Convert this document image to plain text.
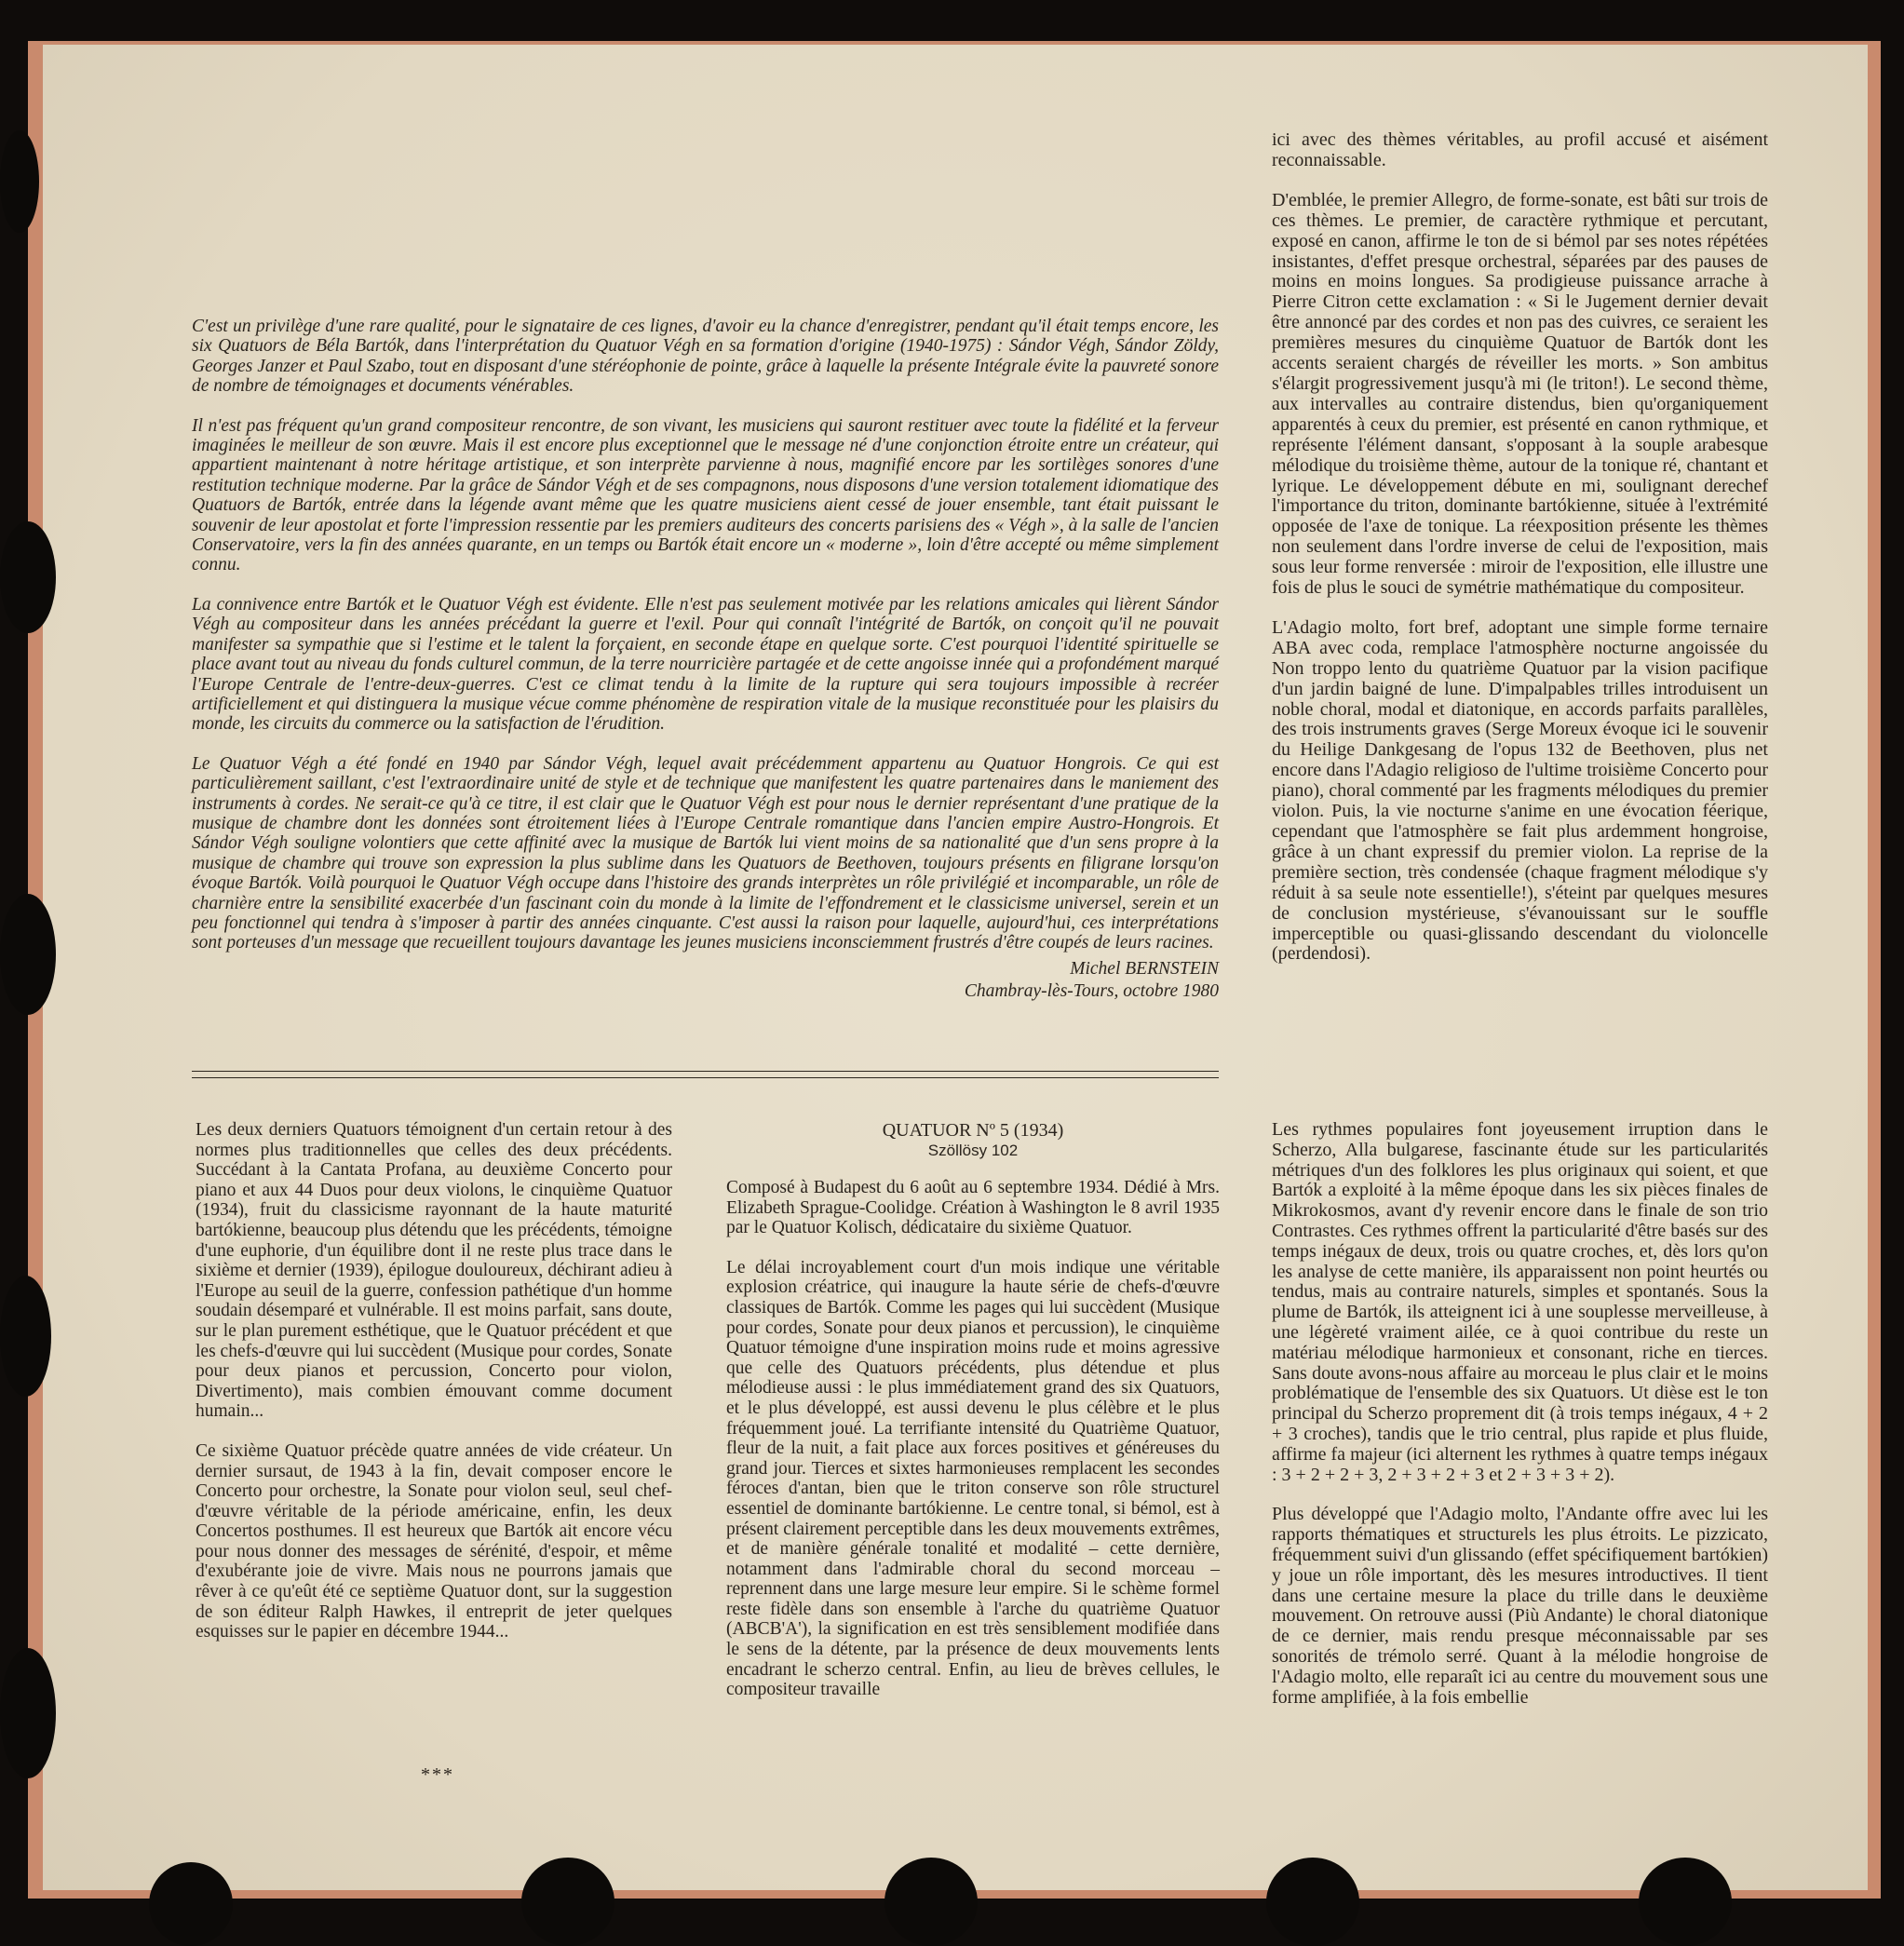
C'est un privilège d'une rare qualité, pour le signataire de ces lignes, d'avoir eu la chance d'enregistrer, pendant qu'il était temps encore, les six Quatuors de Béla Bartók, dans l'interprétation du Quatuor Végh en sa formation d'origine (1940-1975) : Sándor Végh, Sándor Zöldy, Georges Janzer et Paul Szabo, tout en disposant d'une stéréophonie de pointe, grâce à laquelle la présente Intégrale évite la pauvreté sonore de nombre de témoignages et documents vénérables.

Il n'est pas fréquent qu'un grand compositeur rencontre, de son vivant, les musiciens qui sauront restituer avec toute la fidélité et la ferveur imaginées le meilleur de son œuvre. Mais il est encore plus exceptionnel que le message né d'une conjonction étroite entre un créateur, qui appartient maintenant à notre héritage artistique, et son interprète parvienne à nous, magnifié encore par les sortilèges sonores d'une restitution technique moderne. Par la grâce de Sándor Végh et de ses compagnons, nous disposons d'une version totalement idiomatique des Quatuors de Bartók, entrée dans la légende avant même que les quatre musiciens aient cessé de jouer ensemble, tant était puissant le souvenir de leur apostolat et forte l'impression ressentie par les premiers auditeurs des concerts parisiens des « Végh », à la salle de l'ancien Conservatoire, vers la fin des années quarante, en un temps ou Bartók était encore un « moderne », loin d'être accepté ou même simplement connu.

La connivence entre Bartók et le Quatuor Végh est évidente. Elle n'est pas seulement motivée par les relations amicales qui lièrent Sándor Végh au compositeur dans les années précédant la guerre et l'exil. Pour qui connaît l'intégrité de Bartók, on conçoit qu'il ne pouvait manifester sa sympathie que si l'estime et le talent la forçaient, en seconde étape en quelque sorte. C'est pourquoi l'identité spirituelle se place avant tout au niveau du fonds culturel commun, de la terre nourricière partagée et de cette angoisse innée qui a profondément marqué l'Europe Centrale de l'entre-deux-guerres. C'est ce climat tendu à la limite de la rupture qui sera toujours impossible à recréer artificiellement et qui distinguera la musique vécue comme phénomène de respiration vitale de la musique reconstituée pour les plaisirs du monde, les circuits du commerce ou la satisfaction de l'érudition.

Le Quatuor Végh a été fondé en 1940 par Sándor Végh, lequel avait précédemment appartenu au Quatuor Hongrois. Ce qui est particulièrement saillant, c'est l'extraordinaire unité de style et de technique que manifestent les quatre partenaires dans le maniement des instruments à cordes. Ne serait-ce qu'à ce titre, il est clair que le Quatuor Végh est pour nous le dernier représentant d'une pratique de la musique de chambre dont les données sont étroitement liées à l'Europe Centrale romantique dans l'ancien empire Austro-Hongrois. Et Sándor Végh souligne volontiers que cette affinité avec la musique de Bartók lui vient moins de sa nationalité que d'un sens propre à la musique de chambre qui trouve son expression la plus sublime dans les Quatuors de Beethoven, toujours présents en filigrane lorsqu'on évoque Bartók. Voilà pourquoi le Quatuor Végh occupe dans l'histoire des grands interprètes un rôle privilégié et incomparable, un rôle de charnière entre la sensibilité exacerbée d'un fascinant coin du monde à la limite de l'effondrement et le classicisme universel, serein et un peu fonctionnel qui tendra à s'imposer à partir des années cinquante. C'est aussi la raison pour laquelle, aujourd'hui, ces interprétations sont porteuses d'un message que recueillent toujours davantage les jeunes musiciens inconsciemment frustrés d'être coupés de leurs racines.

Michel BERNSTEIN
Chambray-lès-Tours, octobre 1980

ici avec des thèmes véritables, au profil accusé et aisément reconnaissable.

D'emblée, le premier Allegro, de forme-sonate, est bâti sur trois de ces thèmes. Le premier, de caractère rythmique et percutant, exposé en canon, affirme le ton de si bémol par ses notes répétées insistantes, d'effet presque orchestral, séparées par des pauses de moins en moins longues. Sa prodigieuse puissance arrache à Pierre Citron cette exclamation : « Si le Jugement dernier devait être annoncé par des cordes et non pas des cuivres, ce seraient les premières mesures du cinquième Quatuor de Bartók dont les accents seraient chargés de réveiller les morts. » Son ambitus s'élargit progressivement jusqu'à mi (le triton!). Le second thème, aux intervalles au contraire distendus, bien qu'organiquement apparentés à ceux du premier, est présenté en canon rythmique, et représente l'élément dansant, s'opposant à la souple arabesque mélodique du troisième thème, autour de la tonique ré, chantant et lyrique. Le développement débute en mi, soulignant derechef l'importance du triton, dominante bartókienne, située à l'extrémité opposée de l'axe de tonique. La réexposition présente les thèmes non seulement dans l'ordre inverse de celui de l'exposition, mais sous leur forme renversée : miroir de l'exposition, elle illustre une fois de plus le souci de symétrie mathématique du compositeur.

L'Adagio molto, fort bref, adoptant une simple forme ternaire ABA avec coda, remplace l'atmosphère nocturne angoissée du Non troppo lento du quatrième Quatuor par la vision pacifique d'un jardin baigné de lune. D'impalpables trilles introduisent un noble choral, modal et diatonique, en accords parfaits parallèles, des trois instruments graves (Serge Moreux évoque ici le souvenir du Heilige Dankgesang de l'opus 132 de Beethoven, plus net encore dans l'Adagio religioso de l'ultime troisième Concerto pour piano), choral commenté par les fragments mélodiques du premier violon. Puis, la vie nocturne s'anime en une évocation féerique, cependant que l'atmosphère se fait plus ardemment hongroise, grâce à un chant expressif du premier violon. La reprise de la première section, très condensée (chaque fragment mélodique s'y réduit à sa seule note essentielle!), s'éteint par quelques mesures de conclusion mystérieuse, s'évanouissant sur le souffle imperceptible ou quasi-glissando descendant du violoncelle (perdendosi).

Les deux derniers Quatuors témoignent d'un certain retour à des normes plus traditionnelles que celles des deux précédents. Succédant à la Cantata Profana, au deuxième Concerto pour piano et aux 44 Duos pour deux violons, le cinquième Quatuor (1934), fruit du classicisme rayonnant de la haute maturité bartókienne, beaucoup plus détendu que les précédents, témoigne d'une euphorie, d'un équilibre dont il ne reste plus trace dans le sixième et dernier (1939), épilogue douloureux, déchirant adieu à l'Europe au seuil de la guerre, confession pathétique d'un homme soudain désemparé et vulnérable. Il est moins parfait, sans doute, sur le plan purement esthétique, que le Quatuor précédent et que les chefs-d'œuvre qui lui succèdent (Musique pour cordes, Sonate pour deux pianos et percussion, Concerto pour violon, Divertimento), mais combien émouvant comme document humain...

Ce sixième Quatuor précède quatre années de vide créateur. Un dernier sursaut, de 1943 à la fin, devait composer encore le Concerto pour orchestre, la Sonate pour violon seul, seul chef-d'œuvre véritable de la période américaine, enfin, les deux Concertos posthumes. Il est heureux que Bartók ait encore vécu pour nous donner des messages de sérénité, d'espoir, et même d'exubérante joie de vivre. Mais nous ne pourrons jamais que rêver à ce qu'eût été ce septième Quatuor dont, sur la suggestion de son éditeur Ralph Hawkes, il entreprit de jeter quelques esquisses sur le papier en décembre 1944...

***
QUATUOR Nº 5 (1934)
Szöllösy 102

Composé à Budapest du 6 août au 6 septembre 1934. Dédié à Mrs. Elizabeth Sprague-Coolidge. Création à Washington le 8 avril 1935 par le Quatuor Kolisch, dédicataire du sixième Quatuor.

Le délai incroyablement court d'un mois indique une véritable explosion créatrice, qui inaugure la haute série de chefs-d'œuvre classiques de Bartók. Comme les pages qui lui succèdent (Musique pour cordes, Sonate pour deux pianos et percussion), le cinquième Quatuor témoigne d'une inspiration moins rude et moins agressive que celle des Quatuors précédents, plus détendue et plus mélodieuse aussi : le plus immédiatement grand des six Quatuors, et le plus développé, est aussi devenu le plus célèbre et le plus fréquemment joué. La terrifiante intensité du Quatrième Quatuor, fleur de la nuit, a fait place aux forces positives et généreuses du grand jour. Tierces et sixtes harmonieuses remplacent les secondes féroces d'antan, bien que le triton conserve son rôle structurel essentiel de dominante bartókienne. Le centre tonal, si bémol, est à présent clairement perceptible dans les deux mouvements extrêmes, et de manière générale tonalité et modalité – cette dernière, notamment dans l'admirable choral du second morceau – reprennent dans une large mesure leur empire. Si le schème formel reste fidèle dans son ensemble à l'arche du quatrième Quatuor (ABCB'A'), la signification en est très sensiblement modifiée dans le sens de la détente, par la présence de deux mouvements lents encadrant le scherzo central. Enfin, au lieu de brèves cellules, le compositeur travaille

Les rythmes populaires font joyeusement irruption dans le Scherzo, Alla bulgarese, fascinante étude sur les particularités métriques d'un des folklores les plus originaux qui soient, et que Bartók a exploité à la même époque dans les six pièces finales de Mikrokosmos, avant d'y revenir encore dans le finale de son trio Contrastes. Ces rythmes offrent la particularité d'être basés sur des temps inégaux de deux, trois ou quatre croches, et, dès lors qu'on les analyse de cette manière, ils apparaissent non point heurtés ou tendus, mais au contraire naturels, simples et spontanés. Sous la plume de Bartók, ils atteignent ici à une souplesse merveilleuse, à une légèreté vraiment ailée, ce à quoi contribue du reste un matériau mélodique harmonieux et consonant, riche en tierces. Sans doute avons-nous affaire au morceau le plus clair et le moins problématique de l'ensemble des six Quatuors. Ut dièse est le ton principal du Scherzo proprement dit (à trois temps inégaux, 4 + 2 + 3 croches), tandis que le trio central, plus rapide et plus fluide, affirme fa majeur (ici alternent les rythmes à quatre temps inégaux : 3 + 2 + 2 + 3, 2 + 3 + 2 + 3 et 2 + 3 + 3 + 2).

Plus développé que l'Adagio molto, l'Andante offre avec lui les rapports thématiques et structurels les plus étroits. Le pizzicato, fréquemment suivi d'un glissando (effet spécifiquement bartókien) y joue un rôle important, dès les mesures introductives. Il tient dans une certaine mesure la place du trille dans le deuxième mouvement. On retrouve aussi (Più Andante) le choral diatonique de ce dernier, mais rendu presque méconnaissable par ses sonorités de trémolo serré. Quant à la mélodie hongroise de l'Adagio molto, elle reparaît ici au centre du mouvement sous une forme amplifiée, à la fois embellie
